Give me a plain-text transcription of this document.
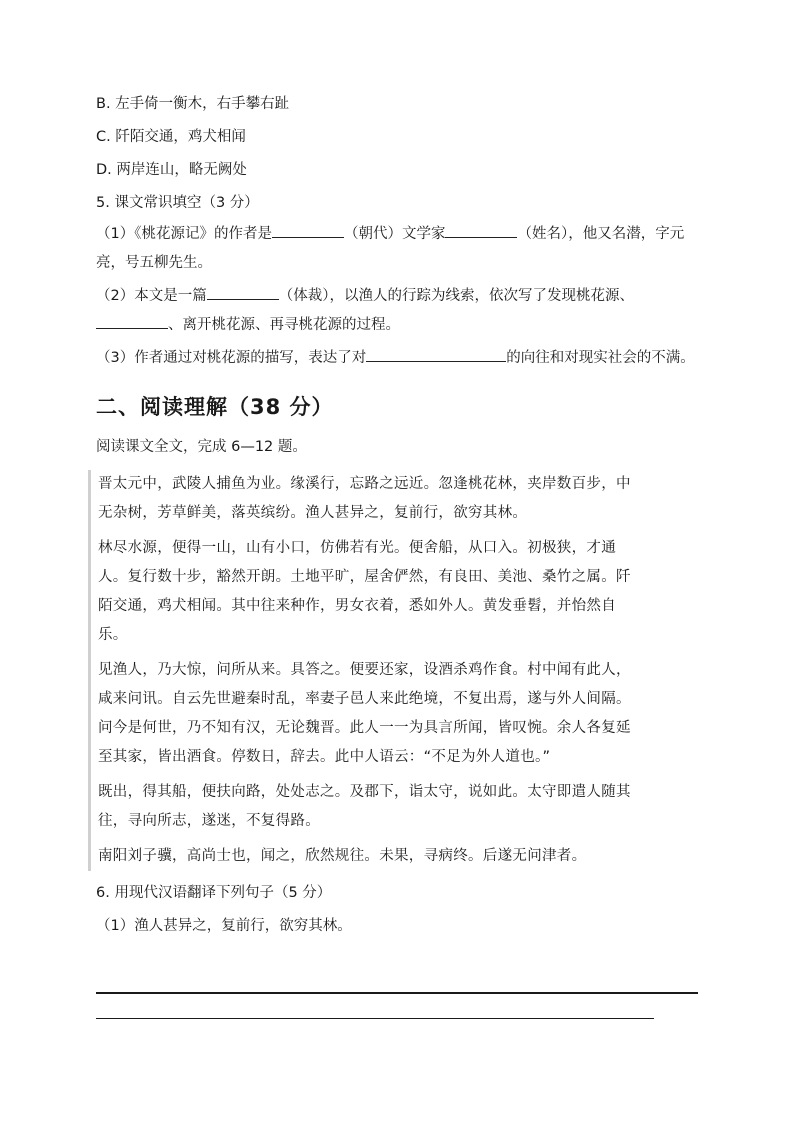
B. 左手倚一衡木，右手攀右趾
C. 阡陌交通，鸡犬相闻
D. 两岸连山，略无阙处
5. 课文常识填空（3 分）

（1）《桃花源记》的作者是	（朝代）文学家	（姓名），他又名潜，字元亮，号五柳先生。

（2）本文是一篇	（体裁），以渔人的行踪为线索，依次写了发现桃花源、、离开桃花源、再寻桃花源的过程。

（3）作者通过对桃花源的描写，表达了对	的向往和对现实社会的不满。

二、阅读理解（38 分）
阅读课文全文，完成 6—12 题。

晋太元中，武陵人捕鱼为业。缘溪行，忘路之远近。忽逢桃花林，夹岸数百步，中无杂树，芳草鲜美，落英缤纷。渔人甚异之，复前行，欲穷其林。

林尽水源，便得一山，山有小口，仿佛若有光。便舍船，从口入。初极狭，才通人。复行数十步，豁然开朗。土地平旷，屋舍俨然，有良田、美池、桑竹之属。阡陌交通，鸡犬相闻。其中往来种作，男女衣着，悉如外人。黄发垂髫，并怡然自乐。

见渔人，乃大惊，问所从来。具答之。便要还家，设酒杀鸡作食。村中闻有此人，咸来问讯。自云先世避秦时乱，率妻子邑人来此绝境，不复出焉，遂与外人间隔。问今是何世，乃不知有汉，无论魏晋。此人一一为具言所闻，皆叹惋。余人各复延至其家，皆出酒食。停数日，辞去。此中人语云：“不足为外人道也。”

既出，得其船，便扶向路，处处志之。及郡下，诣太守，说如此。太守即遣人随其往，寻向所志，遂迷，不复得路。

南阳刘子骥，高尚士也，闻之，欣然规往。未果，寻病终。后遂无问津者。

6. 用现代汉语翻译下列句子（5 分）
（1）渔人甚异之，复前行，欲穷其林。
